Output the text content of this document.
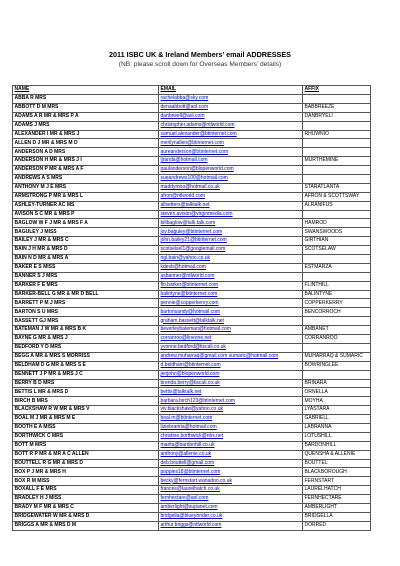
2011 ISBC UK & Ireland Members’ email ADDRESSES
(NB: please scroll down for Overseas Members’ details)
NAME	EMAIL	AFFIX
ABBA R MRS	rachelabba@sky.com	
ABBOTT D M MRS	denaabbott@aol.com	BABBREEZE
ADAMS A R MR & MRS P A	danbrwell@aol.com	DANBRYELI
ADAMS J MRS	christopher.adams@ntlworld.com	
ALEXANDER I MR & MRS J	samuel.alexander@btinternet.com	RHUWNIO
ALLEN D J MR & MRS M D	merilynallen@btinternet.com	
ANDERSON A D MRS	aureanderson@btinternet.com	
ANDERSON H MR & MRS J I	ijranda@hotmail.com	MURTHEMINE
ANDERSON P MR & MRS A F	paulanderson@blopenworld.com	
ANDREWS A S MRS	sueandrews100@hotmail.com	
ANTHONY M J E MRS	maddymoo@hotmail.co.uk	STARATLANTA
ARMSTRONG P MR & MRS L	afron@ntlworld.com	AFRON & SCOTTSWAY
ASHLEY-TURNER AC MS	allsetters@talktalk.net	ALRANIFUS
AVISON S C MR & MRS P	steven.avison@virginmedia.com	
BAGLOW W F J MR & MRS F A	billbaglow@talk.talk.com	HAMROD
BAGULEY J MISS	joy.baguley@btinternet.com	SWANSWOODS
BAILEY J MR & MRS C	john.bailey21@btinternet.com	GIRTHIAN
BAIN J H MR & MRS D	scotselsel1@googlemail.com	SCOTSELAW
BAIN N D MR & MRS A	ngl.bain@yahoo.co.uk	
BAKER E S MISS	kdesb@hotmail.com	ESTMARZA
BANNER S J MRS	asbanner@ntlworld.com	
BARKER F E MRS	flo.barker@btinternet.com	FLINTHILL
BARKER-BELL G MR & MR D BELL	balintyne@btinternet.com	BALINTYNE
BARRETT P M J MRS	pennie@copperkenry.com	COPPERKERRY
BARTON S U MRS	bartonsandy@hotmail.com	BENCORROCH
BASSETT GJ MRS	graham.bassett@talktalk.net	
BATEMAN J W MR & MRS B K	beverleybateman@hotmail.com	AMBANET
BAYNE G MR & MRS J	corranroo@lineone.net	CORRANROO
BEDFORD Y D MRS	yvonne.bedford@tiscali.co.uk	
BEGG A MR & MRS S MORRISS	andrew.muharraq@gmail.com sumaric@hotmail.com	MUHARRAQ & SUMARIC
BELDHAM D G MR & MRS S E	d.beldham@btinternet.com	BOWRINGLEE
BENNETT J P MR & MRS J C	jenjohn@blopenworld.com	
BERRY B D MRS	brenda.berry@tiscali.co.uk	BRINARA
BETTIS L MR & MRS D	bettis@talktalk.net	ORNELLA
BIRCH B MRS	barbara.birch123@btinternet.com	MOYHA
BLACKSHAW R W MR & MRS V	viv.blackshaw@yahoo.co.uk	LYASTARA
BOAL M J MR & MRS M E	boal.m@btinternet.com	GABRIELL
BOOTH E A MISS	liziebranna@hotmail.com	LABRANNA
BORTHWICK C MRS	christine.borthwick@nhs.net	LOTUSHILL
BOTT M MRS	marita@bardonhill.co.uk	BARDONHILL
BOTT R P MR & MR A C ALLEN	anthony@allenie.co.uk	QUENSHA & ALLENIE
BOUTTELL R G MR & MRS D	deb.bouttell@gmail.com	BOUTTEL
BOX P J MR & MRS H	poppies18@btinternet.com	BLACKBOROUGH
BOX R M MISS	becky@fernstart.wanadoo.co.uk	FERNSTART
BOXALL F E MRS	frances@laurelhatch.co.uk	LAURELHATCH
BRADLEY H J MISS	fernhectare@aol.com	FERNHECTARE
BRADY M F MR & MRS C	amberlight@supanet.com	AMBERLIGHT
BRIDGEWATER W MR & MRS D	bridgella@blueyonder.co.uk	BRIDGELLA
BRIGGS A MR & MRS D M	arthur.briggs@ntlworld.com	DORRED
